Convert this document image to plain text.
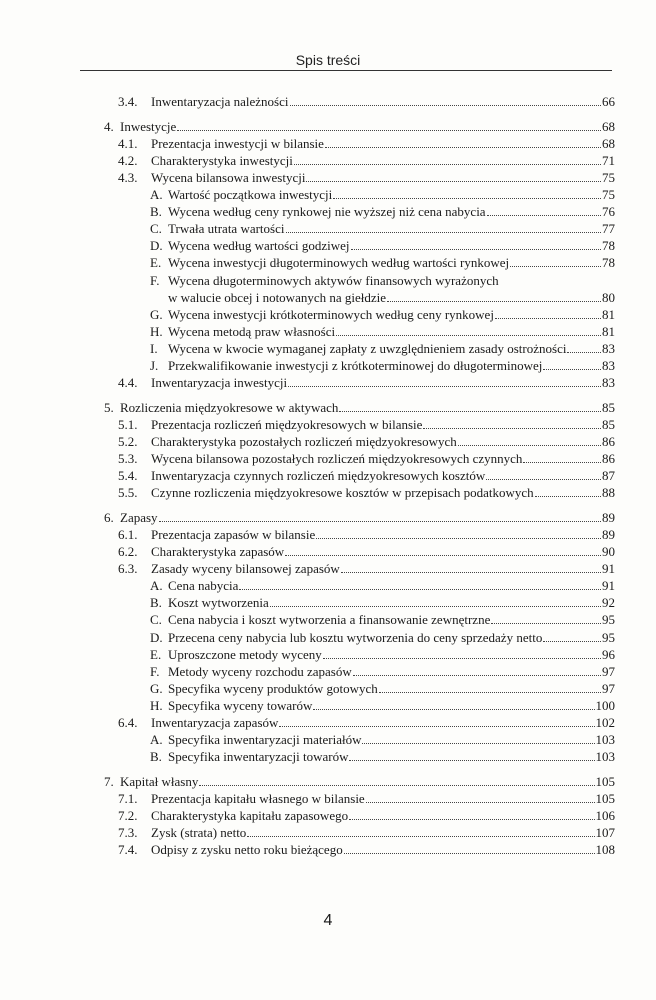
Spis treści
3.4.	Inwentaryzacja należności	66
4. Inwestycje	68
4.1.	Prezentacja inwestycji w bilansie	68
4.2.	Charakterystyka inwestycji	71
4.3.	Wycena bilansowa inwestycji	75
A. Wartość początkowa inwestycji	75
B. Wycena według ceny rynkowej nie wyższej niż cena nabycia	76
C. Trwała utrata wartości	77
D. Wycena według wartości godziwej	78
E. Wycena inwestycji długoterminowych według wartości rynkowej	78
F. Wycena długoterminowych aktywów finansowych wyrażonych
w walucie obcej i notowanych na giełdzie	80
G. Wycena inwestycji krótkoterminowych według ceny rynkowej	81
H. Wycena metodą praw własności	81
I. Wycena w kwocie wymaganej zapłaty z uwzględnieniem zasady ostrożności	83
J. Przekwalifikowanie inwestycji z krótkoterminowej do długoterminowej	83
4.4.	Inwentaryzacja inwestycji	83
5. Rozliczenia międzyokresowe w aktywach	85
5.1.	Prezentacja rozliczeń międzyokresowych w bilansie	85
5.2.	Charakterystyka pozostałych rozliczeń międzyokresowych	86
5.3.	Wycena bilansowa pozostałych rozliczeń międzyokresowych czynnych	86
5.4.	Inwentaryzacja czynnych rozliczeń międzyokresowych kosztów	87
5.5.	Czynne rozliczenia międzyokresowe kosztów w przepisach podatkowych	88
6. Zapasy	89
6.1.	Prezentacja zapasów w bilansie	89
6.2.	Charakterystyka zapasów	90
6.3.	Zasady wyceny bilansowej zapasów	91
A. Cena nabycia	91
B. Koszt wytworzenia	92
C. Cena nabycia i koszt wytworzenia a finansowanie zewnętrzne	95
D. Przecena ceny nabycia lub kosztu wytworzenia do ceny sprzedaży netto	95
E. Uproszczone metody wyceny	96
F. Metody wyceny rozchodu zapasów	97
G. Specyfika wyceny produktów gotowych	97
H. Specyfika wyceny towarów	100
6.4.	Inwentaryzacja zapasów	102
A. Specyfika inwentaryzacji materiałów	103
B. Specyfika inwentaryzacji towarów	103
7. Kapitał własny	105
7.1.	Prezentacja kapitału własnego w bilansie	105
7.2.	Charakterystyka kapitału zapasowego	106
7.3.	Zysk (strata) netto	107
7.4.	Odpisy z zysku netto roku bieżącego	108
4
